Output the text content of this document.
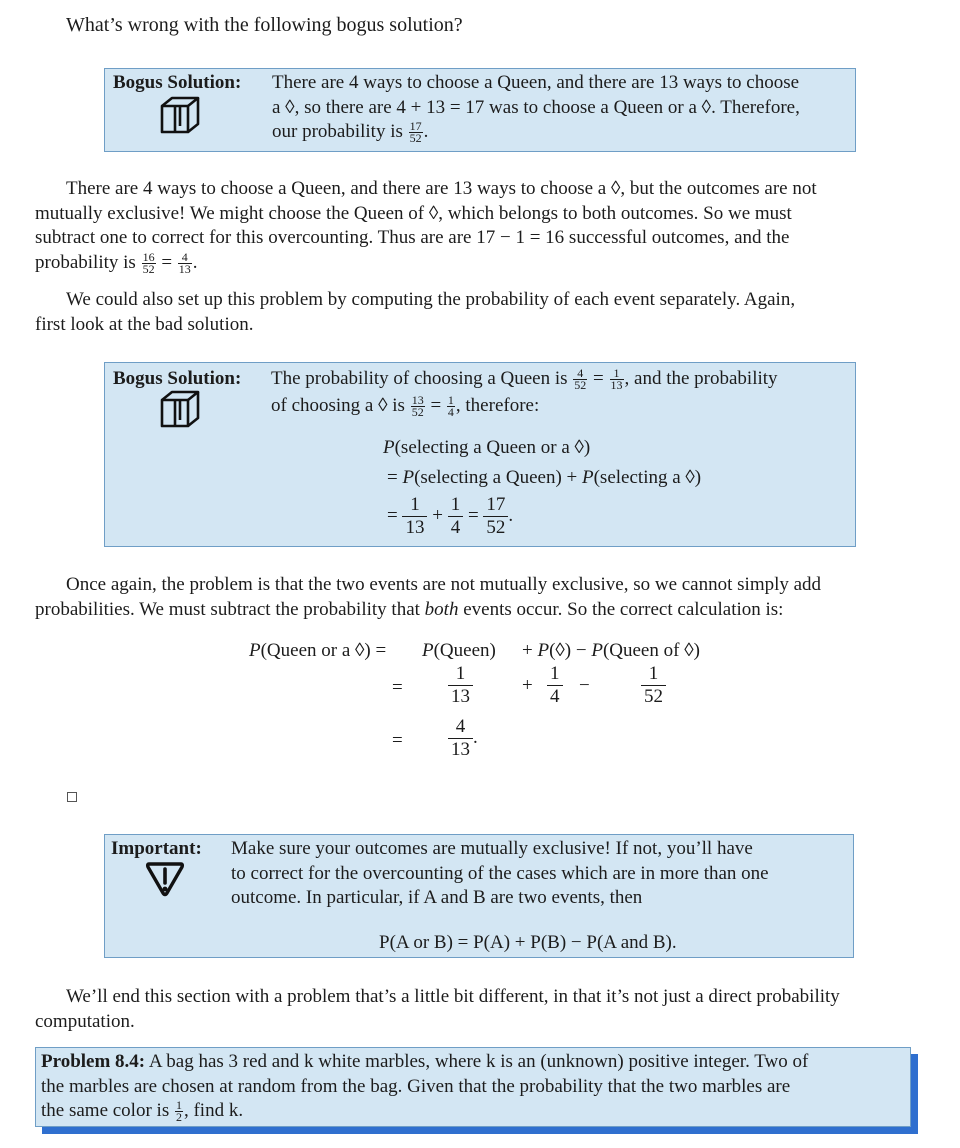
What’s wrong with the following bogus solution?
Bogus Solution: There are 4 ways to choose a Queen, and there are 13 ways to choose
a ◊, so there are 4 + 13 = 17 was to choose a Queen or a ◊. Therefore,
our probability is $\frac{17}{52}$ .
There are 4 ways to choose a Queen, and there are 13 ways to choose a ◊, but the outcomes are not
mutually exclusive! We might choose the Queen of ◊, which belongs to both outcomes. So we must
subtract one to correct for this overcounting. Thus are are 17 − 1 = 16 successful outcomes, and the
probability is $\frac{16}{52} = \frac{4}{13}$ .
We could also set up this problem by computing the probability of each event separately. Again,
first look at the bad solution.
Bogus Solution: The probability of choosing a Queen is $\frac{4}{52} = \frac{1}{13}$ , and the probability
of choosing a ◊ is $\frac{13}{52} = \frac{1}{4}$ , therefore:
P(selecting a Queen or a ◊)
= P(selecting a Queen) + P(selecting a ◊)
= $\frac{1}{13} + \frac{1}{4} = \frac{17}{52}$ .
Once again, the problem is that the two events are not mutually exclusive, so we cannot simply add
probabilities. We must subtract the probability that both events occur. So the correct calculation is:
P(Queen or a ◊) = P(Queen) + P(◊) − P(Queen of ◊)
= $\frac{1}{13}$	+ $\frac{1}{4}$ −	$\frac{1}{52}$
= $\frac{4}{13}$ .
Important: Make sure your outcomes are mutually exclusive! If not, you’ll have
to correct for the overcounting of the cases which are in more than one
outcome. In particular, if A and B are two events, then
P(A or B) = P(A) + P(B) − P(A and B).
We’ll end this section with a problem that’s a little bit different, in that it’s not just a direct probability
computation.
Problem 8.4: A bag has 3 red and k white marbles, where k is an (unknown) positive integer. Two of
the marbles are chosen at random from the bag. Given that the probability that the two marbles are
the same color is $\frac{1}{2}$ , find k.
